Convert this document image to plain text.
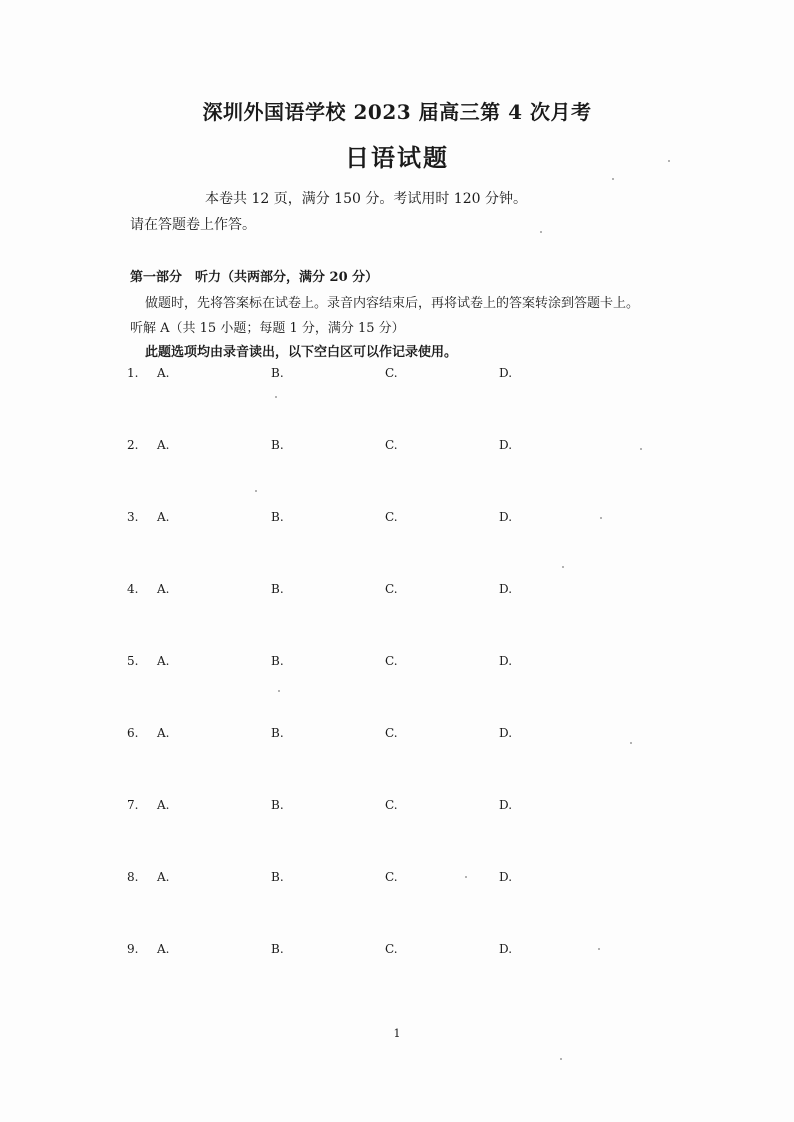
深圳外国语学校 2023 届高三第 4 次月考
日语试题
本卷共 12 页，满分 150 分。考试用时 120 分钟。
请在答题卷上作答。
第一部分　听力（共两部分，满分 20 分）
做题时，先将答案标在试卷上。录音内容结束后，再将试卷上的答案转涂到答题卡上。
听解 A（共 15 小题；每题 1 分，满分 15 分）
此题选项均由录音读出，以下空白区可以作记录使用。
1. A.	B.	C.	D.
2. A.	B.	C.	D.
3. A.	B.	C.	D.
4. A.	B.	C.	D.
5. A.	B.	C.	D.
6. A.	B.	C.	D.
7. A.	B.	C.	D.
8. A.	B.	C.	D.
9. A.	B.	C.	D.
1
